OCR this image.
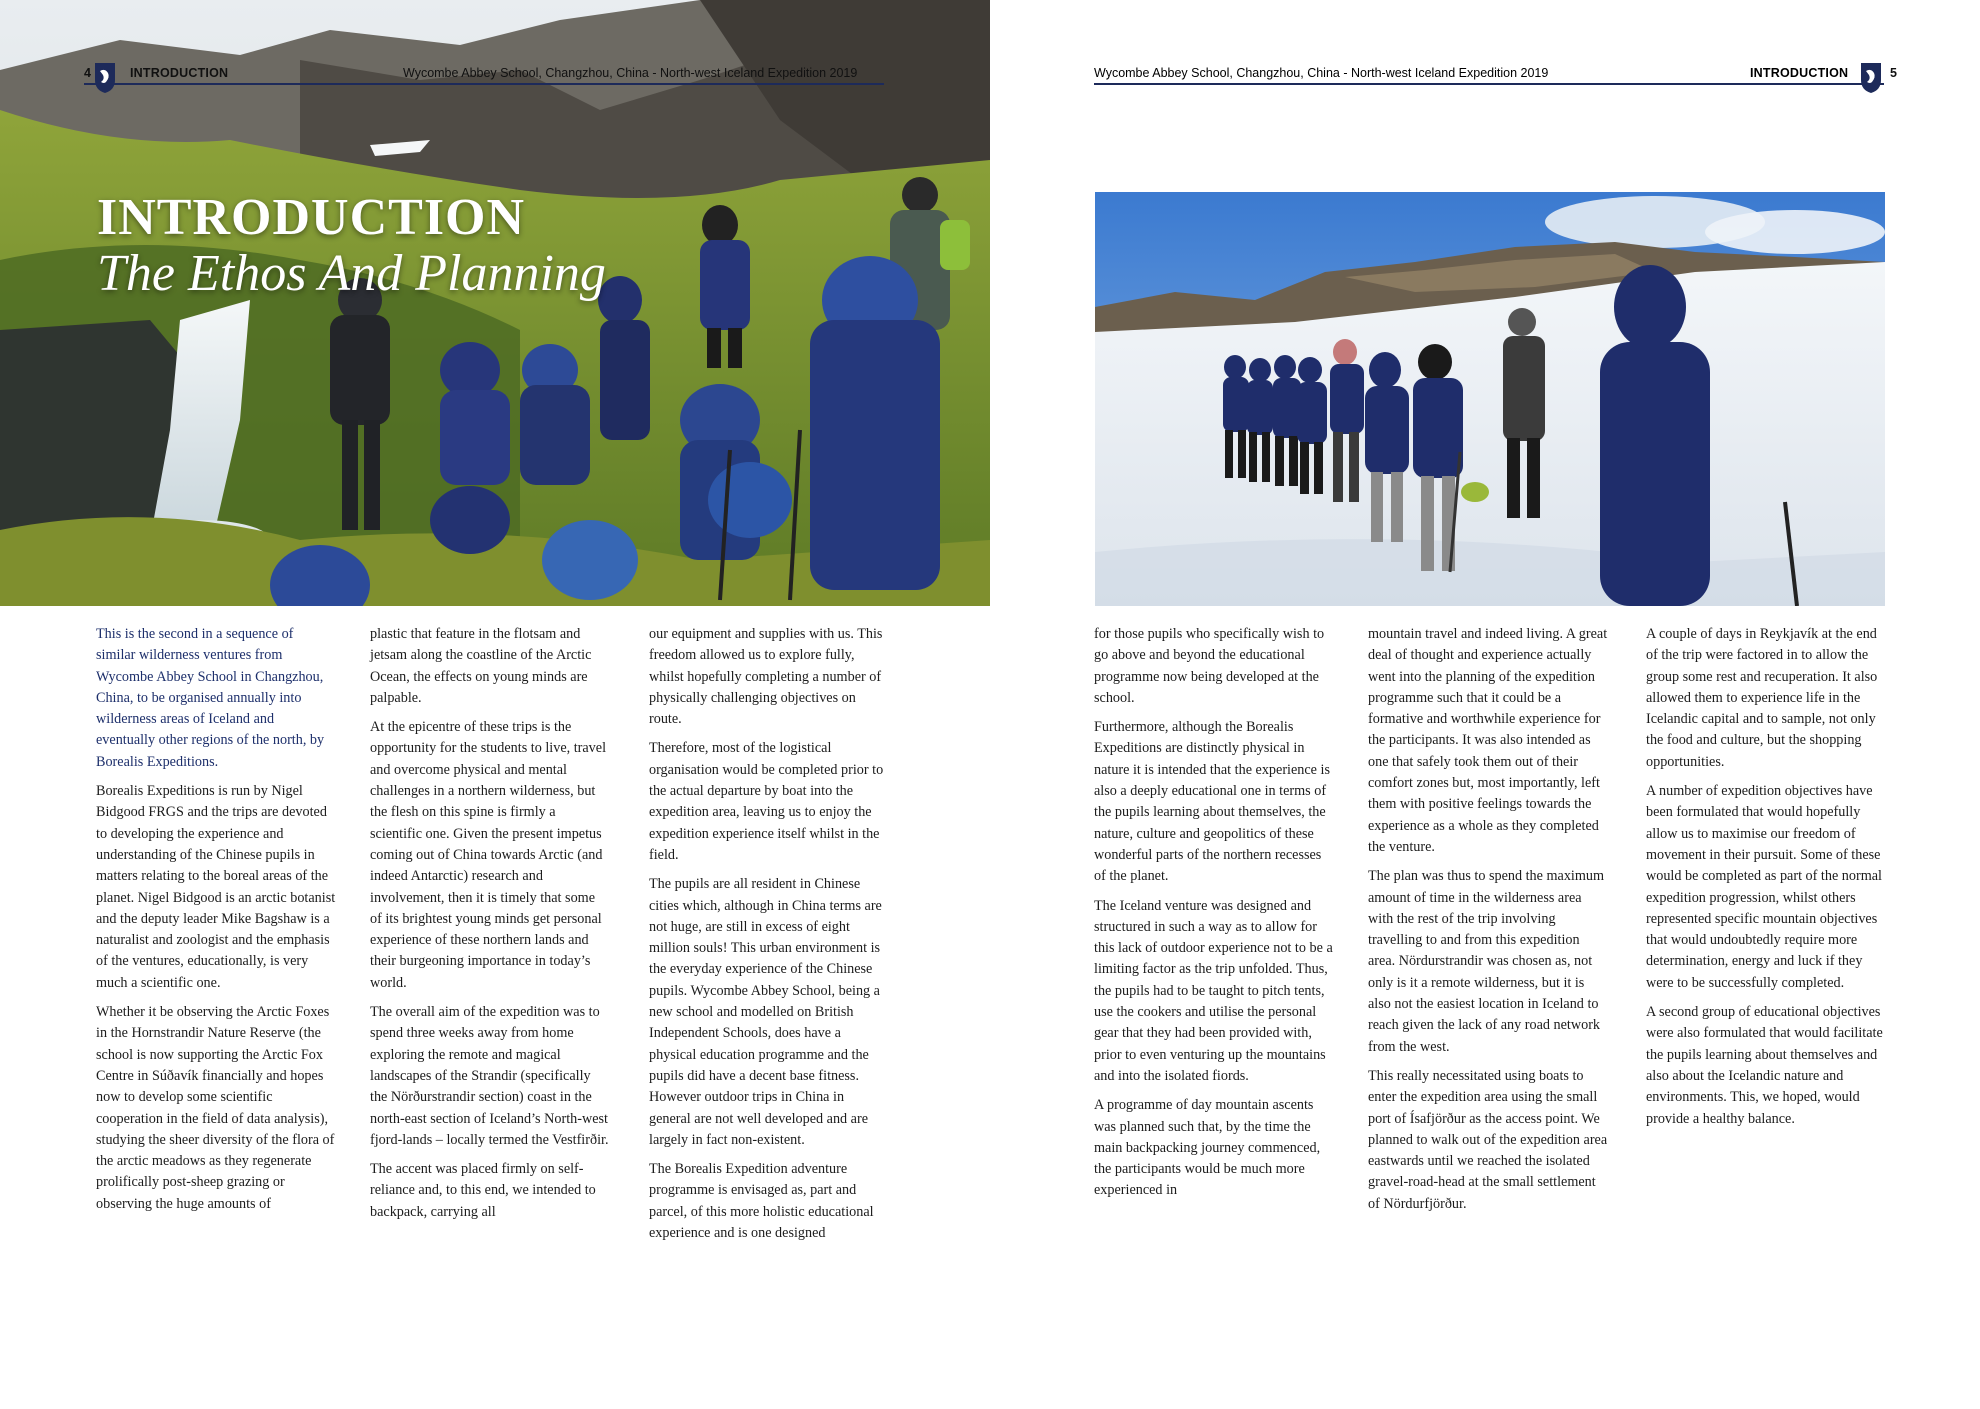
INTRODUCTION
The Ethos And Planning
4	INTRODUCTION	Wycombe Abbey School, Changzhou, China - North-west Iceland Expedition 2019

This is the second in a sequence of similar wilderness ventures from Wycombe Abbey School in Changzhou, China, to be organised annually into wilderness areas of Iceland and eventually other regions of the north, by Borealis Expeditions.

Borealis Expeditions is run by Nigel Bidgood FRGS and the trips are devoted to developing the experience and understanding of the Chinese pupils in matters relating to the boreal areas of the planet. Nigel Bidgood is an arctic botanist and the deputy leader Mike Bagshaw is a naturalist and zoologist and the emphasis of the ventures, educationally, is very much a scientific one.

Whether it be observing the Arctic Foxes in the Hornstrandir Nature Reserve (the school is now supporting the Arctic Fox Centre in Súðavík financially and hopes now to develop some scientific cooperation in the field of data analysis), studying the sheer diversity of the flora of the arctic meadows as they regenerate prolifically post-sheep grazing or observing the huge amounts of

plastic that feature in the flotsam and jetsam along the coastline of the Arctic Ocean, the effects on young minds are palpable.

At the epicentre of these trips is the opportunity for the students to live, travel and overcome physical and mental challenges in a northern wilderness, but the flesh on this spine is firmly a scientific one. Given the present impetus coming out of China towards Arctic (and indeed Antarctic) research and involvement, then it is timely that some of its brightest young minds get personal experience of these northern lands and their burgeoning importance in today’s world.

The overall aim of the expedition was to spend three weeks away from home exploring the remote and magical landscapes of the Strandir (specifically the Nörðurstrandir section) coast in the north-east section of Iceland’s North-west fjord-lands – locally termed the Vestfirðir.

The accent was placed firmly on self-reliance and, to this end, we intended to backpack, carrying all

our equipment and supplies with us. This freedom allowed us to explore fully, whilst hopefully completing a number of physically challenging objectives on route.

Therefore, most of the logistical organisation would be completed prior to the actual departure by boat into the expedition area, leaving us to enjoy the expedition experience itself whilst in the field.

The pupils are all resident in Chinese cities which, although in China terms are not huge, are still in excess of eight million souls! This urban environment is the everyday experience of the Chinese pupils. Wycombe Abbey School, being a new school and modelled on British Independent Schools, does have a physical education programme and the pupils did have a decent base fitness. However outdoor trips in China in general are not well developed and are largely in fact non-existent.

The Borealis Expedition adventure programme is envisaged as, part and parcel, of this more holistic educational experience and is one designed

Wycombe Abbey School, Changzhou, China - North-west Iceland Expedition 2019	INTRODUCTION	5

for those pupils who specifically wish to go above and beyond the educational programme now being developed at the school.

Furthermore, although the Borealis Expeditions are distinctly physical in nature it is intended that the experience is also a deeply educational one in terms of the pupils learning about themselves, the nature, culture and geopolitics of these wonderful parts of the northern recesses of the planet.

The Iceland venture was designed and structured in such a way as to allow for this lack of outdoor experience not to be a limiting factor as the trip unfolded. Thus, the pupils had to be taught to pitch tents, use the cookers and utilise the personal gear that they had been provided with, prior to even venturing up the mountains and into the isolated fiords.

A programme of day mountain ascents was planned such that, by the time the main backpacking journey commenced, the participants would be much more experienced in

mountain travel and indeed living. A great deal of thought and experience actually went into the planning of the expedition programme such that it could be a formative and worthwhile experience for the participants. It was also intended as one that safely took them out of their comfort zones but, most importantly, left them with positive feelings towards the experience as a whole as they completed the venture.

The plan was thus to spend the maximum amount of time in the wilderness area with the rest of the trip involving travelling to and from this expedition area. Nördurstrandir was chosen as, not only is it a remote wilderness, but it is also not the easiest location in Iceland to reach given the lack of any road network from the west.

This really necessitated using boats to enter the expedition area using the small port of Ísafjörður as the access point. We planned to walk out of the expedition area eastwards until we reached the isolated gravel-road-head at the small settlement of Nördurfjörður.

A couple of days in Reykjavík at the end of the trip were factored in to allow the group some rest and recuperation. It also allowed them to experience life in the Icelandic capital and to sample, not only the food and culture, but the shopping opportunities.

A number of expedition objectives have been formulated that would hopefully allow us to maximise our freedom of movement in their pursuit. Some of these would be completed as part of the normal expedition progression, whilst others represented specific mountain objectives that would undoubtedly require more determination, energy and luck if they were to be successfully completed.

A second group of educational objectives were also formulated that would facilitate the pupils learning about themselves and also about the Icelandic nature and environments. This, we hoped, would provide a healthy balance.
